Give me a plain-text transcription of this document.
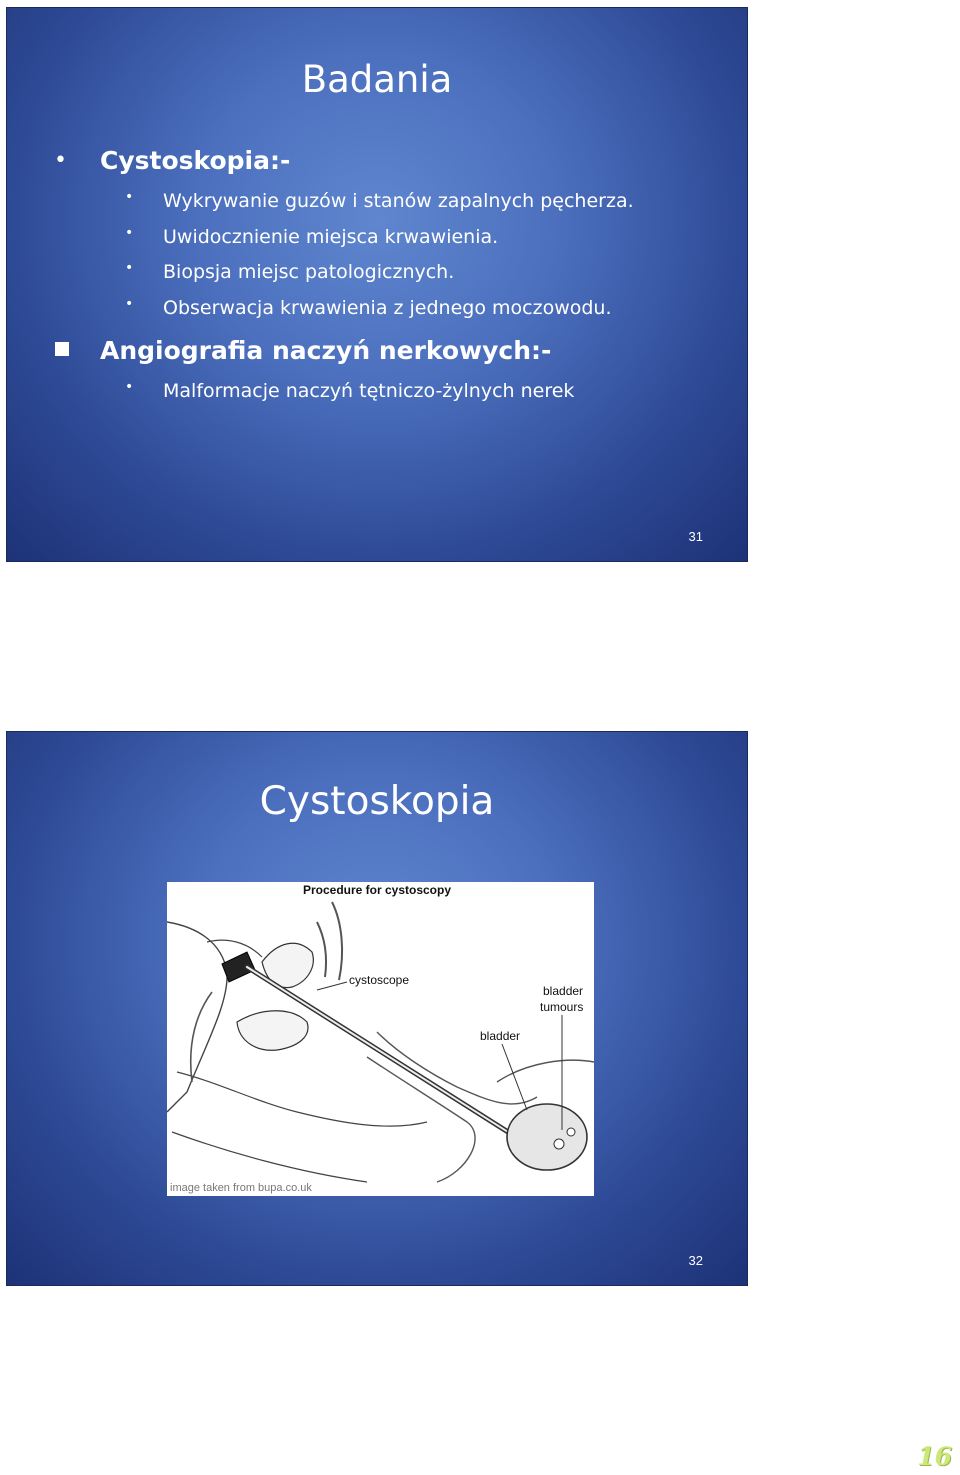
Badania
• Cystoskopia:-
• Wykrywanie guzów i stanów zapalnych pęcherza.
• Uwidocznienie miejsca krwawienia.
• Biopsja miejsc patologicznych.
• Obserwacja krwawienia z jednego moczowodu.
Angiografia naczyń nerkowych:-
• Malformacje naczyń tętniczo-żylnych nerek
31
Cystoskopia
Procedure for cystoscopy
cystoscope
bladder
tumours
bladder
image taken from bupa.co.uk
32
16
